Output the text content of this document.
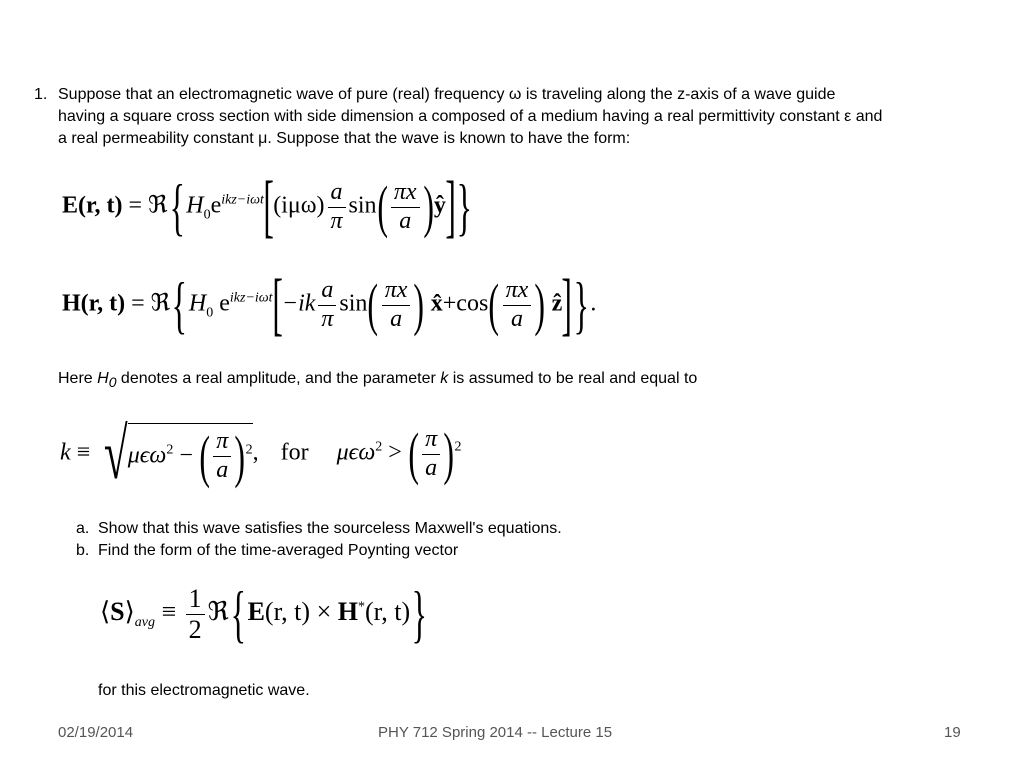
1. Suppose that an electromagnetic wave of pure (real) frequency ω is traveling along the z-axis of a wave guide
having a square cross section with side dimension a composed of a medium having a real permittivity constant ε and
a real permeability constant μ. Suppose that the wave is known to have the form:
E(r, $t) = ℜ\{H_0e^{ikz-i\omega t}[(i\mu\omega) \frac{a}{\pi} \sin( \frac{\pi x}{a}$ )ŷ]}
H(r, $t) = ℜ\{H_0$ $e^{ikz-i\omega t}[-ik \frac{a}{\pi} \sin( \frac{\pi x}{a}$ ) x̂+cos( $\frac{\pi x}{a}$ ) ẑ]}.
Here $H_0$ denotes a real amplitude, and the parameter k is assumed to be real and equal to
k ≡ √μϵω$^2$ − ( $\frac{\pi}{a} )^2$, for μϵω$^2$ > ( $\frac{\pi}{a} )^2$
a. Show that this wave satisfies the sourceless Maxwell's equations.
b. Find the form of the time-averaged Poynting vector
$⟨S⟩_{avg} \equiv \frac{1}{2}$ ℜ{E(r, t) × H*(r, t)}
for this electromagnetic wave.
02/19/2014	PHY 712 Spring 2014 -- Lecture 15	19
